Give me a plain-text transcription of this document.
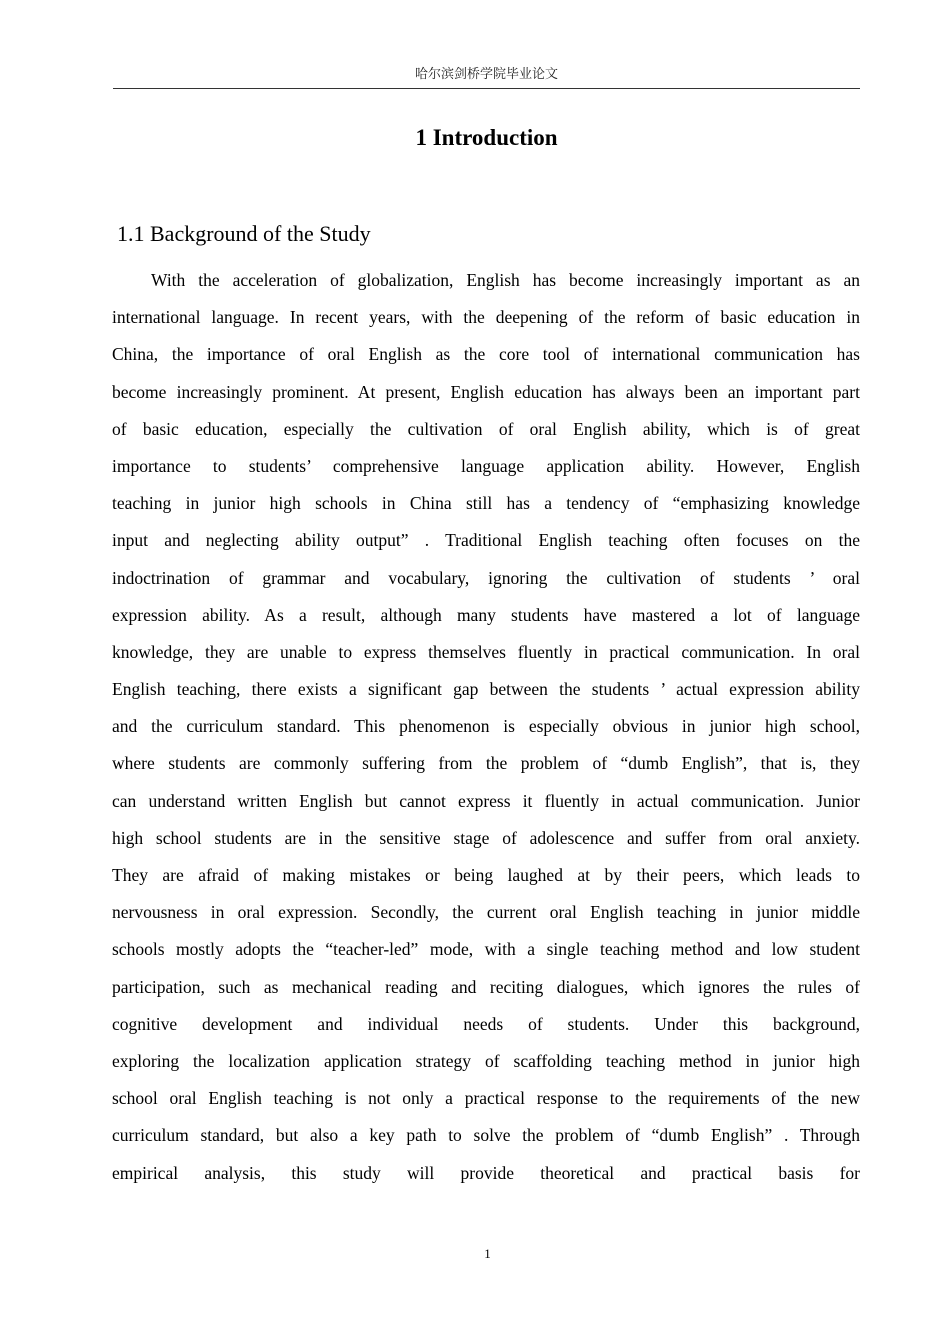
哈尔滨剑桥学院毕业论文
1 Introduction
1.1 Background of the Study
With the acceleration of globalization, English has become increasingly important as an
international language. In recent years, with the deepening of the reform of basic education in
China, the importance of oral English as the core tool of international communication has
become increasingly prominent. At present, English education has always been an important part
of basic education, especially the cultivation of oral English ability, which is of great
importance to students’ comprehensive language application ability. However, English
teaching in junior high schools in China still has a tendency of “emphasizing knowledge
input and neglecting ability output” . Traditional English teaching often focuses on the
indoctrination of grammar and vocabulary, ignoring the cultivation of students ’ oral
expression ability. As a result, although many students have mastered a lot of language
knowledge, they are unable to express themselves fluently in practical communication. In oral
English teaching, there exists a significant gap between the students ’ actual expression ability
and the curriculum standard. This phenomenon is especially obvious in junior high school,
where students are commonly suffering from the problem of “dumb English”, that is, they
can understand written English but cannot express it fluently in actual communication. Junior
high school students are in the sensitive stage of adolescence and suffer from oral anxiety.
They are afraid of making mistakes or being laughed at by their peers, which leads to
nervousness in oral expression. Secondly, the current oral English teaching in junior middle
schools mostly adopts the “teacher-led” mode, with a single teaching method and low student
participation, such as mechanical reading and reciting dialogues, which ignores the rules of
cognitive development and individual needs of students. Under this background,
exploring the localization application strategy of scaffolding teaching method in junior high
school oral English teaching is not only a practical response to the requirements of the new
curriculum standard, but also a key path to solve the problem of “dumb English” . Through
empirical analysis, this study will provide theoretical and practical basis for
1
